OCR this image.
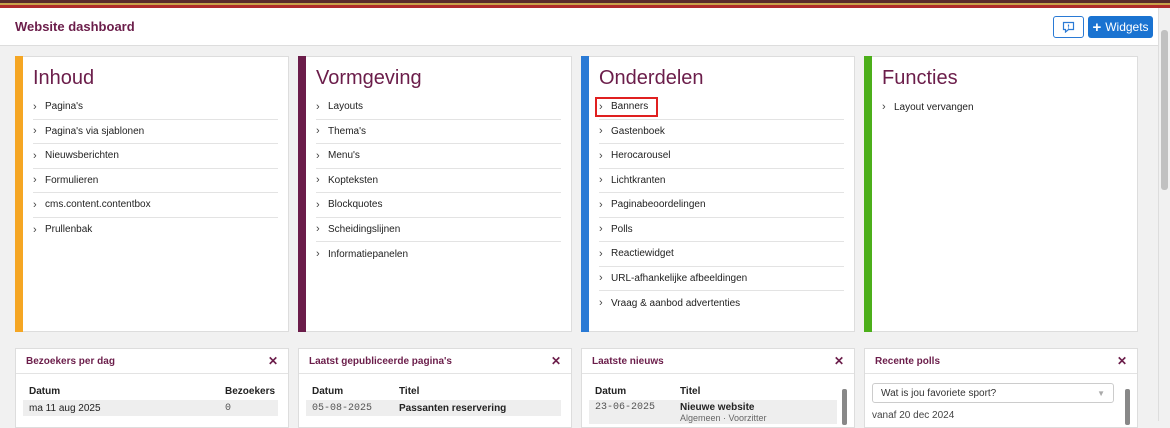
Website dashboard	+ Widgets
Inhoud
› Pagina's
› Pagina's via sjablonen
› Nieuwsberichten
› Formulieren
› cms.content.contentbox
› Prullenbak
Vormgeving
› Layouts
› Thema's
› Menu's
› Kopteksten
› Blockquotes
› Scheidingslijnen
› Informatiepanelen
Onderdelen
› Banners
› Gastenboek
› Herocarousel
› Lichtkranten
› Paginabeoordelingen
› Polls
› Reactiewidget
› URL-afhankelijke afbeeldingen
› Vraag & aanbod advertenties
Functies
› Layout vervangen
Bezoekers per dag	✕
Datum	Bezoekers
ma 11 aug 2025	0
Laatst gepubliceerde pagina's	✕
Datum	Titel
05-08-2025	Passanten reservering
Laatste nieuws	✕
Datum	Titel
23-06-2025	Nieuwe website
Algemeen · Voorzitter
Recente polls	✕
Wat is jou favoriete sport?	▼
vanaf 20 dec 2024
